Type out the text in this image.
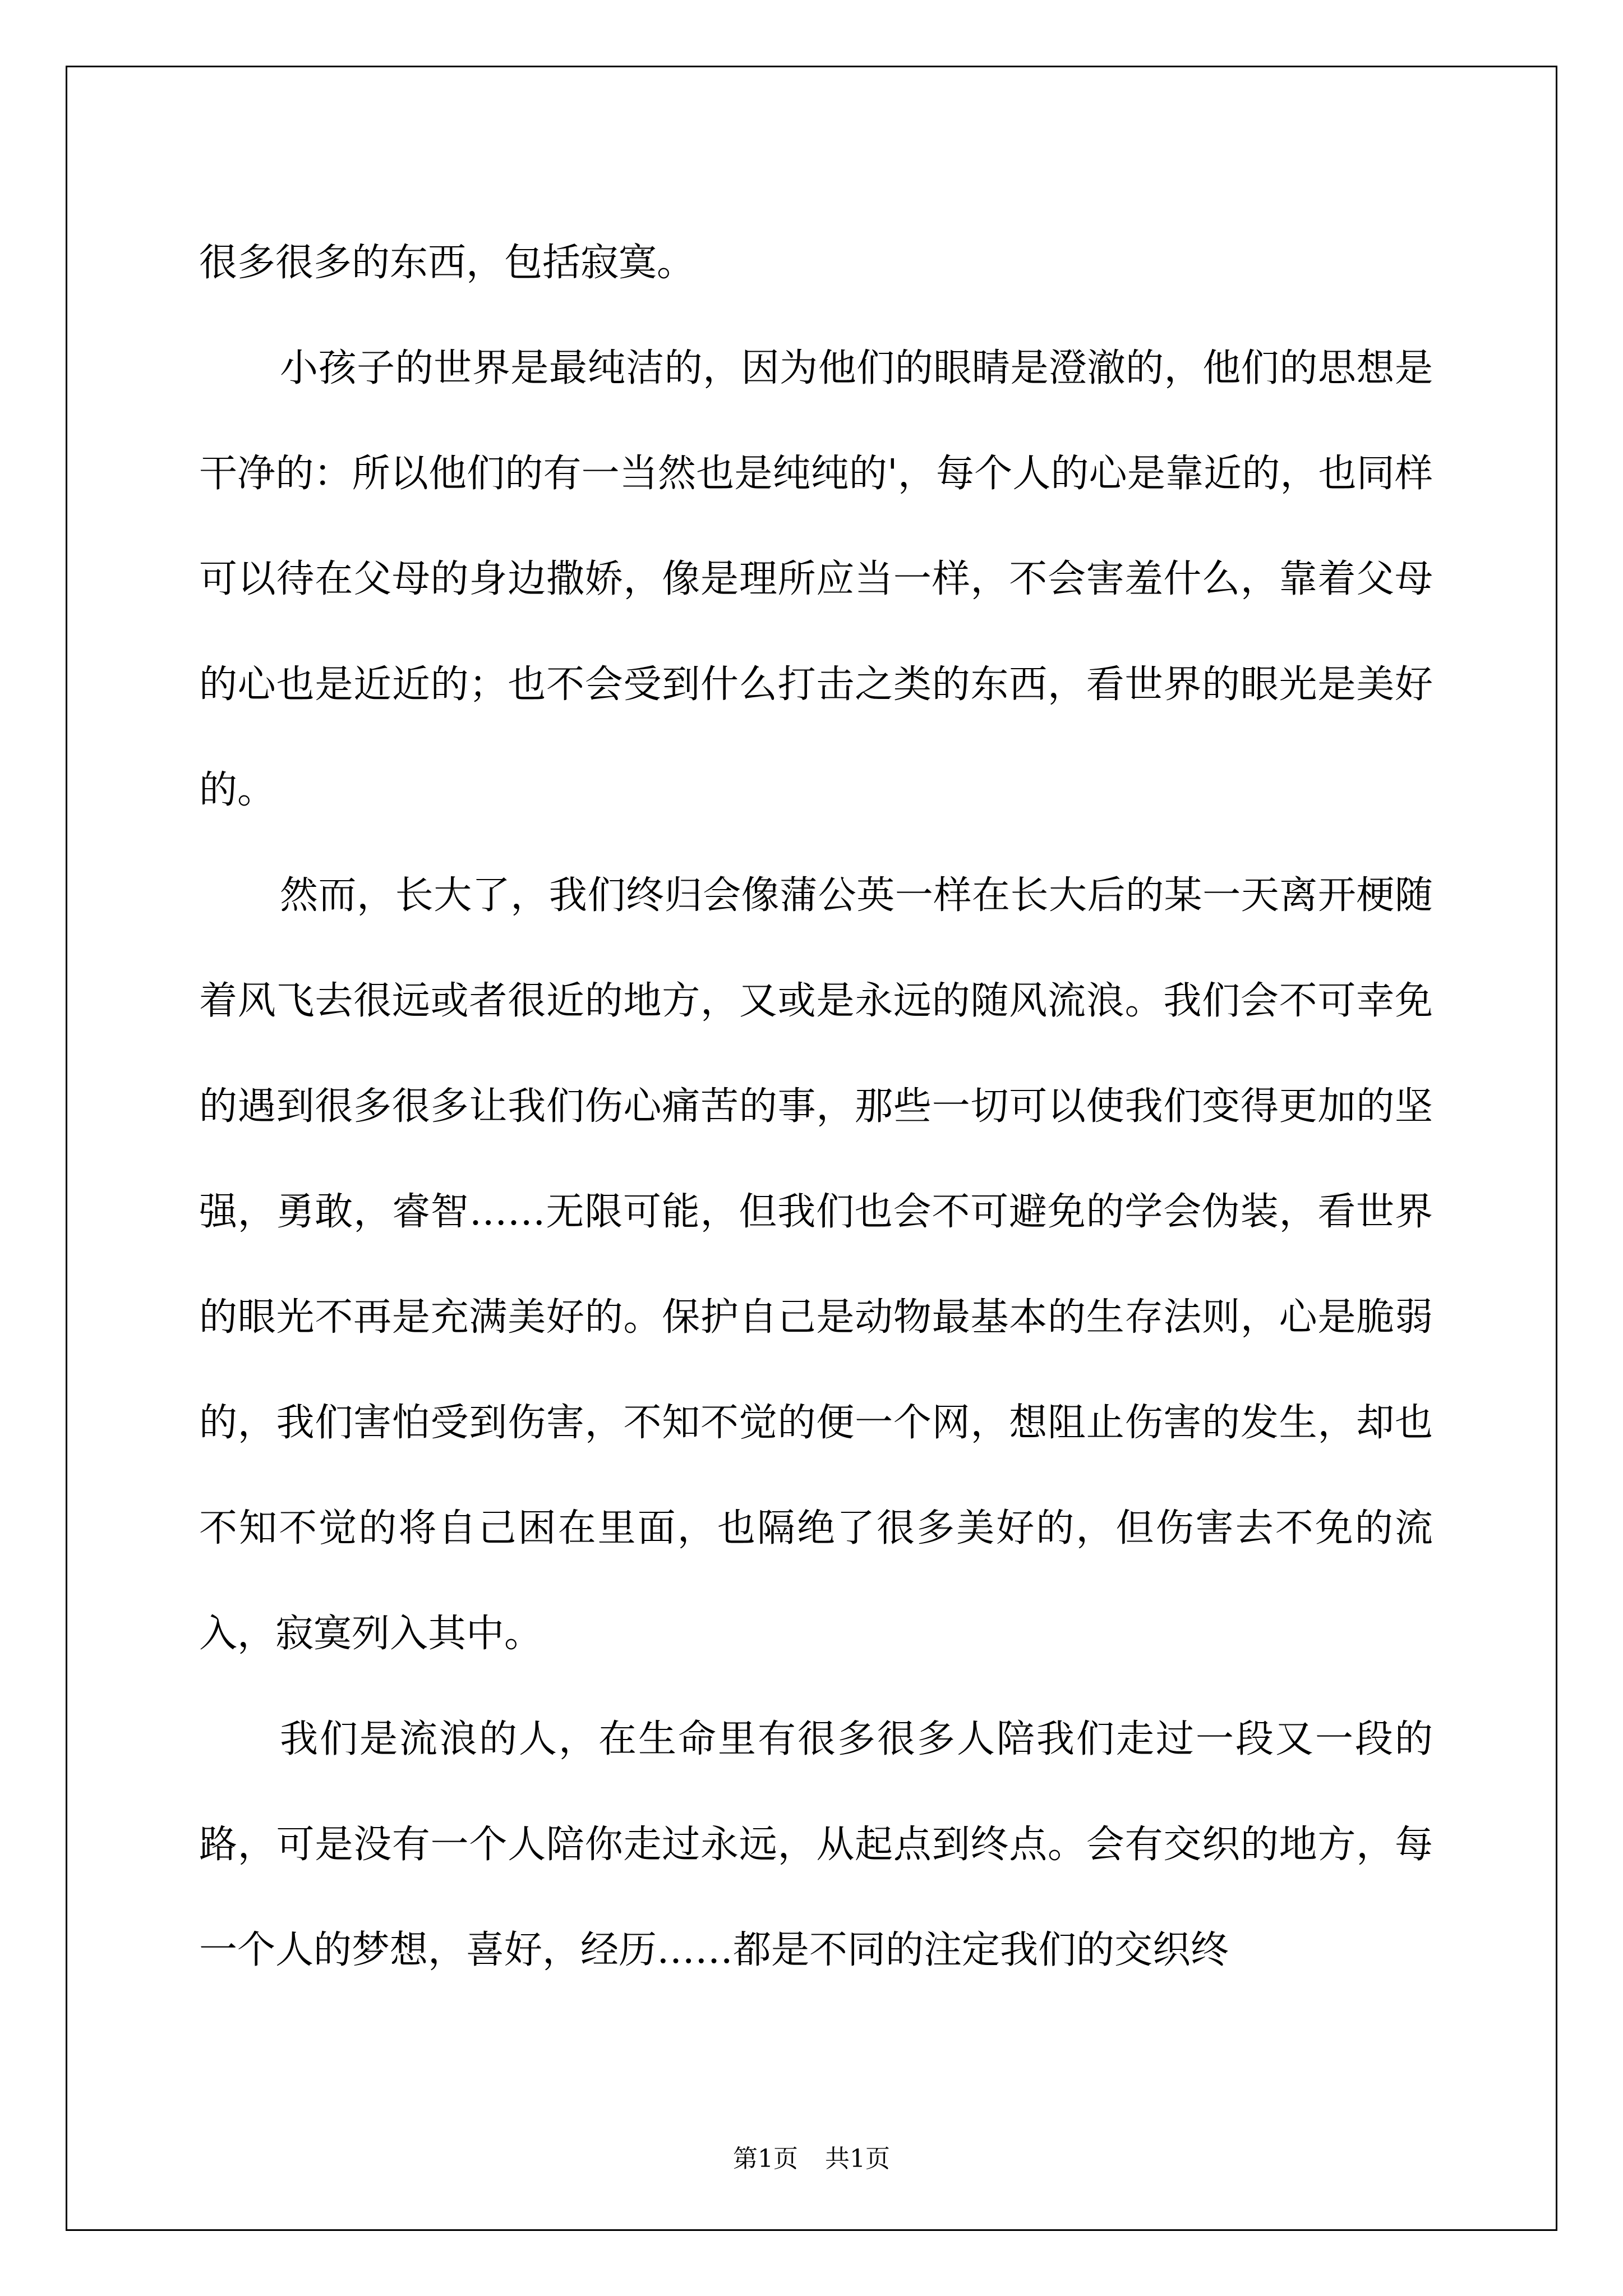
很多很多的东西，包括寂寞。

小孩子的世界是最纯洁的，因为他们的眼睛是澄澈的，他们的思想是干净的：所以他们的有一当然也是纯纯的'，每个人的心是靠近的，也同样可以待在父母的身边撒娇，像是理所应当一样，不会害羞什么，靠着父母的心也是近近的；也不会受到什么打击之类的东西，看世界的眼光是美好的。

然而，长大了，我们终归会像蒲公英一样在长大后的某一天离开梗随着风飞去很远或者很近的地方，又或是永远的随风流浪。我们会不可幸免的遇到很多很多让我们伤心痛苦的事，那些一切可以使我们变得更加的坚强，勇敢，睿智……无限可能，但我们也会不可避免的学会伪装，看世界的眼光不再是充满美好的。保护自己是动物最基本的生存法则，心是脆弱的，我们害怕受到伤害，不知不觉的便一个网，想阻止伤害的发生，却也不知不觉的将自己困在里面，也隔绝了很多美好的，但伤害去不免的流入，寂寞列入其中。

我们是流浪的人，在生命里有很多很多人陪我们走过一段又一段的路，可是没有一个人陪你走过永远，从起点到终点。会有交织的地方，每一个人的梦想，喜好，经历……都是不同的注定我们的交织终

第1页 共1页
